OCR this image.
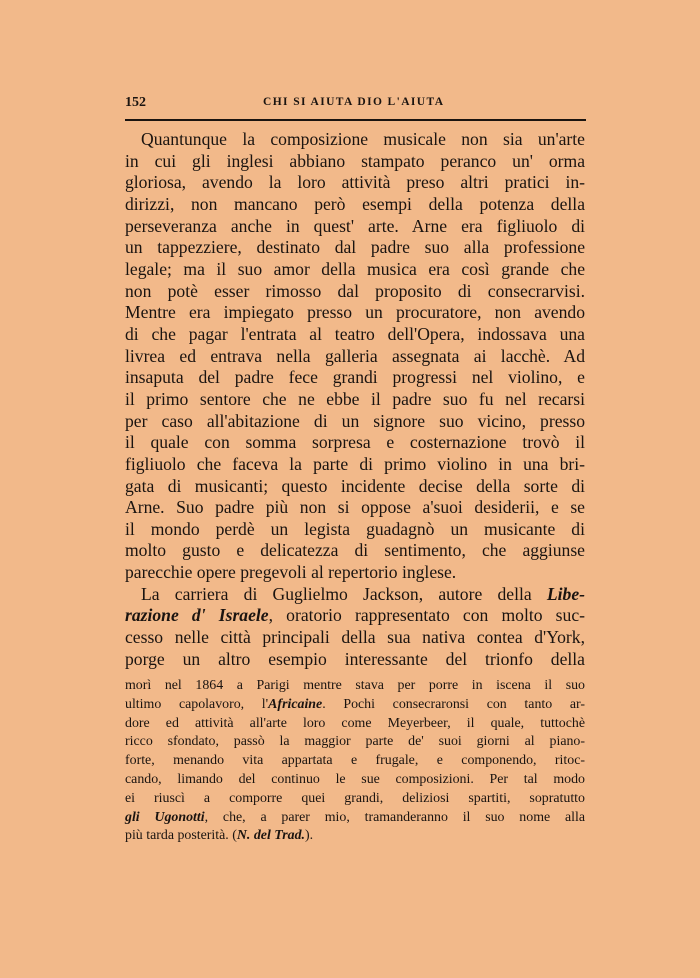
152	CHI SI AIUTA DIO L'AIUTA
Quantunque la composizione musicale non sia un'arte
in cui gli inglesi abbiano stampato peranco un' orma
gloriosa, avendo la loro attività preso altri pratici in-
dirizzi, non mancano però esempi della potenza della
perseveranza anche in quest' arte. Arne era figliuolo di
un tappezziere, destinato dal padre suo alla professione
legale; ma il suo amor della musica era così grande che
non potè esser rimosso dal proposito di consecrarvisi.
Mentre era impiegato presso un procuratore, non avendo
di che pagar l'entrata al teatro dell'Opera, indossava una
livrea ed entrava nella galleria assegnata ai lacchè. Ad
insaputa del padre fece grandi progressi nel violino, e
il primo sentore che ne ebbe il padre suo fu nel recarsi
per caso all'abitazione di un signore suo vicino, presso
il quale con somma sorpresa e costernazione trovò il
figliuolo che faceva la parte di primo violino in una bri-
gata di musicanti; questo incidente decise della sorte di
Arne. Suo padre più non si oppose a'suoi desiderii, e se
il mondo perdè un legista guadagnò un musicante di
molto gusto e delicatezza di sentimento, che aggiunse
parecchie opere pregevoli al repertorio inglese.
La carriera di Guglielmo Jackson, autore della Libe-
razione d' Israele, oratorio rappresentato con molto suc-
cesso nelle città principali della sua nativa contea d'York,
porge un altro esempio interessante del trionfo della
morì nel 1864 a Parigi mentre stava per porre in iscena il suo
ultimo capolavoro, l'Africaine. Pochi consecraronsi con tanto ar-
dore ed attività all'arte loro come Meyerbeer, il quale, tuttochè
ricco sfondato, passò la maggior parte de' suoi giorni al piano-
forte, menando vita appartata e frugale, e componendo, ritoc-
cando, limando del continuo le sue composizioni. Per tal modo
ei riuscì a comporre quei grandi, deliziosi spartiti, sopratutto
gli Ugonotti, che, a parer mio, tramanderanno il suo nome alla
più tarda posterità. (N. del Trad.).
